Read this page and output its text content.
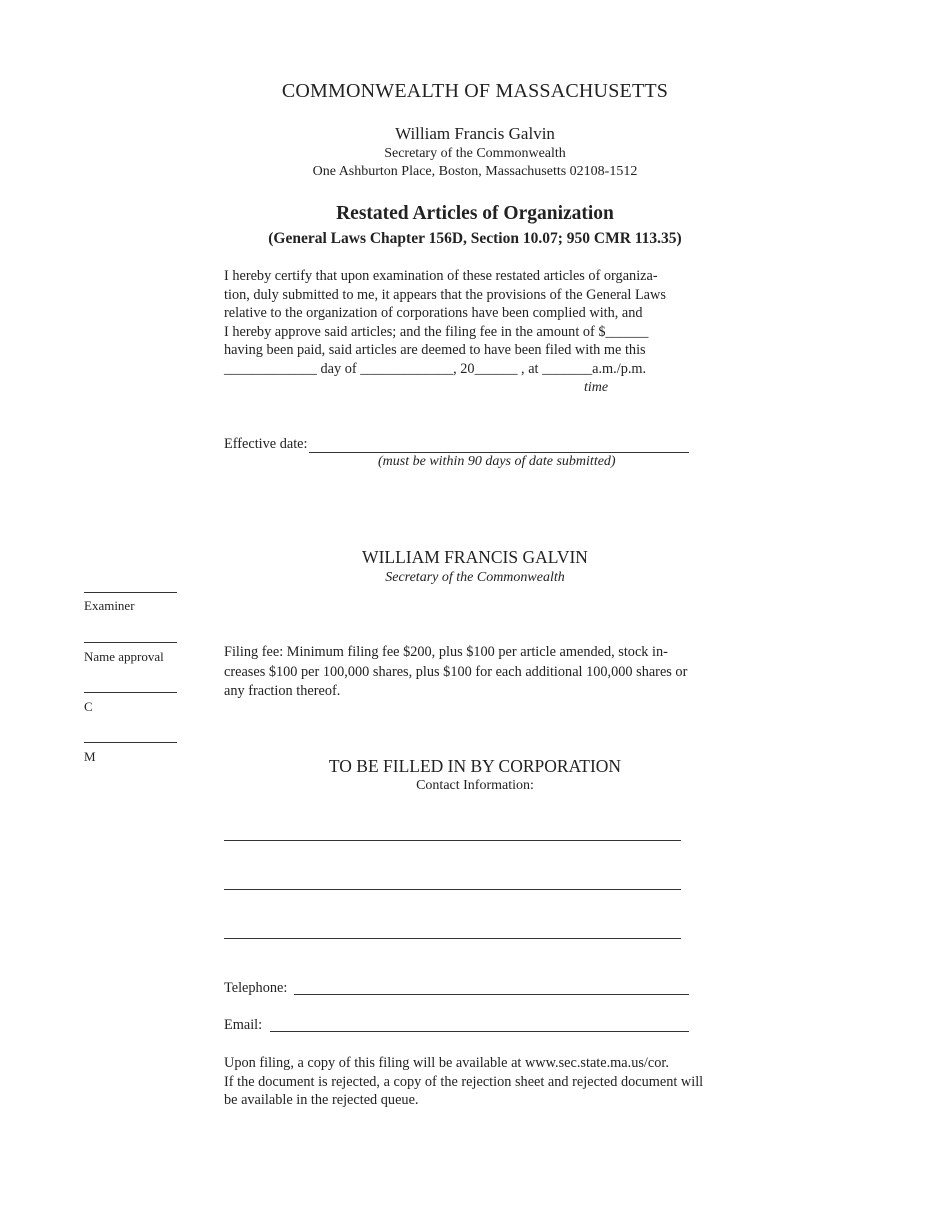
COMMONWEALTH OF MASSACHUSETTS
William Francis Galvin
Secretary of the Commonwealth
One Ashburton Place, Boston, Massachusetts 02108-1512
Restated Articles of Organization
(General Laws Chapter 156D, Section 10.07; 950 CMR 113.35)
I hereby certify that upon examination of these restated articles of organiza-
tion, duly submitted to me, it appears that the provisions of the General Laws
relative to the organization of corporations have been complied with, and
I hereby approve said articles; and the filing fee in the amount of $______
having been paid, said articles are deemed to have been filed with me this
_____________ day of _____________, 20______ , at _______a.m./p.m.
time
Effective date:
(must be within 90 days of date submitted)
WILLIAM FRANCIS GALVIN
Secretary of the Commonwealth
Examiner
Name approval
C
M
Filing fee: Minimum filing fee $200, plus $100 per article amended, stock in-
creases $100 per 100,000 shares, plus $100 for each additional 100,000 shares or
any fraction thereof.
TO BE FILLED IN BY CORPORATION
Contact Information:
Telephone:
Email:
Upon filing, a copy of this filing will be available at www.sec.state.ma.us/cor.
If the document is rejected, a copy of the rejection sheet and rejected document will
be available in the rejected queue.
